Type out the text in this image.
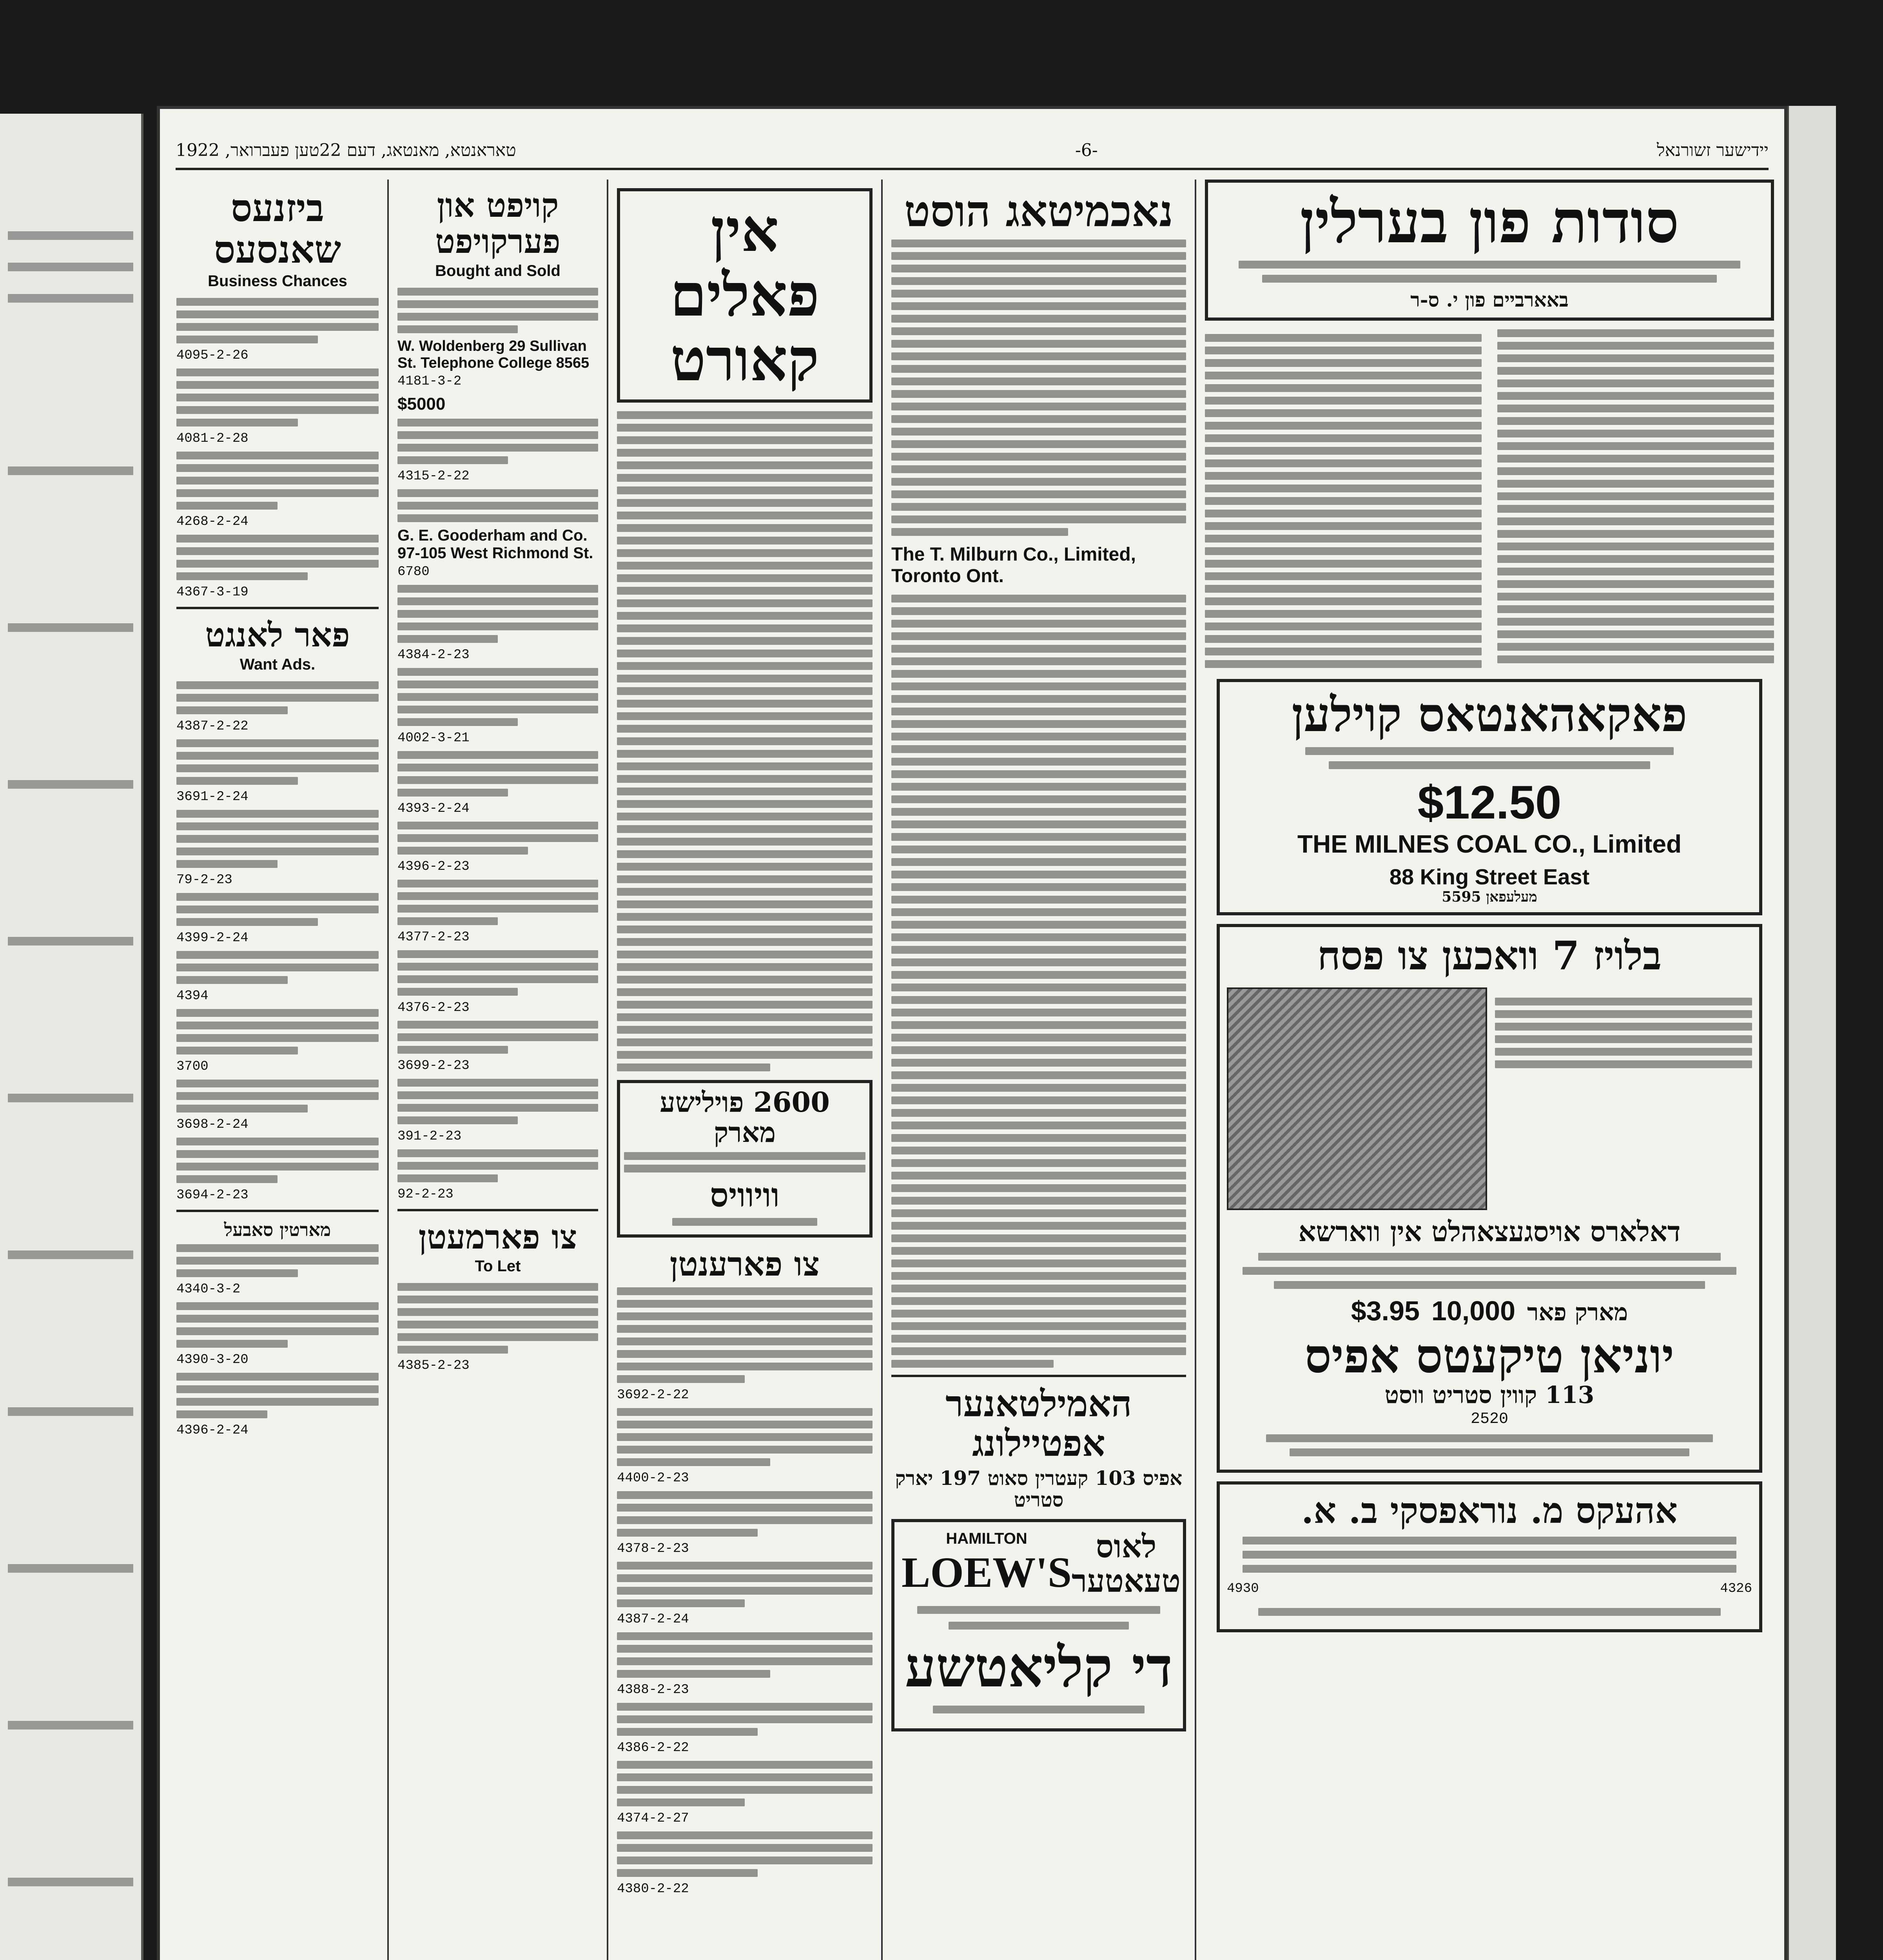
יידישער זשורנאל
-6-
טאראנטא, מאנטאג, דעם 22טען פעברואר, 1922
ביזנעס שאנסעס
Business Chances
4095-2-26
4081-2-28
4268-2-24
4367-3-19
פאר לאנגט
Want Ads.
4387-2-22
3691-2-24
79-2-23
4399-2-24
4394
3700
3698-2-24
3694-2-23
מארטין סאבעל
4340-3-2
4390-3-20
4396-2-24
קויפט און פערקויפט
Bought and Sold
W. Woldenberg 29 Sullivan St. Telephone College 8565
4181-3-2
$5000
4315-2-22
G. E. Gooderham and Co. 97-105 West Richmond St.
6780
4384-2-23
4002-3-21
4393-2-24
4396-2-23
4377-2-23
4376-2-23
3699-2-23
391-2-23
92-2-23
צו פארמעטן
To Let
4385-2-23
אין פאלים קאורט
2600 פוילישע מארק
וויוויס
צו פארענטן
3692-2-22
4400-2-23
4378-2-23
4387-2-24
4388-2-23
4386-2-22
4374-2-27
4380-2-22
נאכמיטאג הוסט
The T. Milburn Co., Limited, Toronto Ont.
האמילטאנער אפטיילונג
אפיס 103 קעטרין סאוט 197 יארק סטריט
HAMILTON
LOEW'S
לאוס טעאטער
די קליאטשע
סודות פון בערלין
באארביים פון י. ס-ר
פאקאהאנטאס קוילען
$12.50
THE MILNES COAL CO., Limited
88 King Street East
מעלעפאן 5595
בלויז 7 וואכען צו פסח
דאלארס אויסגעצאהלט אין ווארשא
$3.95 10,000 מארק פאר
יוניאן טיקעטס אפיס
113 קווין סטריט ווסט
2520
אהעקס מ. נוראפסקי ב. א.
4930	4326
